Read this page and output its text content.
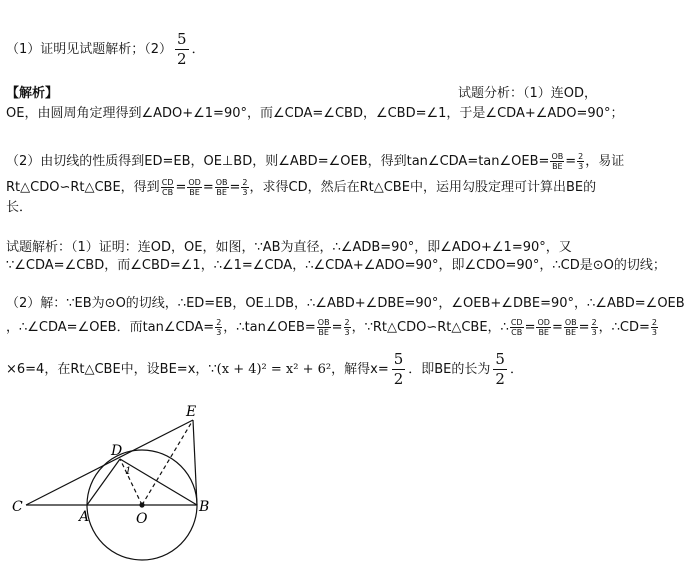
（1）证明见试题解析；$(2) \frac{5}{2}$ ．
【解析】	试题分析：（1）连OD，
OE，由圆周角定理得到∠ADO+∠1=90°，而∠CDA=∠CBD，∠CBD=∠1，于是∠CDA+∠ADO=90°；
（2）由切线的性质得到ED=EB，OE⊥BD，则∠ABD=∠OEB，得到tan∠CDA=tan∠OEB= $\frac{OB}{BE} = \frac{2}{3}$ ，易证
Rt△CDO∽Rt△CBE，得到 $\frac{CD}{CB} = \frac{OD}{BE} = \frac{OB}{BE} = \frac{2}{3}$ ，求得CD，然后在Rt△CBE中，运用勾股定理可计算出BE的
长．
试题解析：（1）证明：连OD，OE，如图，∵AB为直径，∴∠ADB=90°，即∠ADO+∠1=90°，又
∵∠CDA=∠CBD，而∠CBD=∠1，∴∠1=∠CDA，∴∠CDA+∠ADO=90°，即∠CDO=90°，∴CD是⊙O的切线；
（2）解：∵EB为⊙O的切线，∴ED=EB，OE⊥DB，∴∠ABD+∠DBE=90°，∠OEB+∠DBE=90°，∴∠ABD=∠OEB
，∴∠CDA=∠OEB．而tan∠CDA= $\frac{2}{3}$ ，∴tan∠OEB= $\frac{OB}{BE} = \frac{2}{3}$ ，∵Rt△CDO∽Rt△CBE，∴ $\frac{CD}{CB} = \frac{OD}{BE} = \frac{OB}{BE} = \frac{2}{3}$ ，∴CD= $\frac{2}{3}$
×6=4，在Rt△CBE中，设BE=x，∵(x + 4)² = x² + 6²，解得$x= \frac{5}{2}$ ．即BE的长为 $\frac{5}{2}$ ．
E
D
1
C
A	O
B
